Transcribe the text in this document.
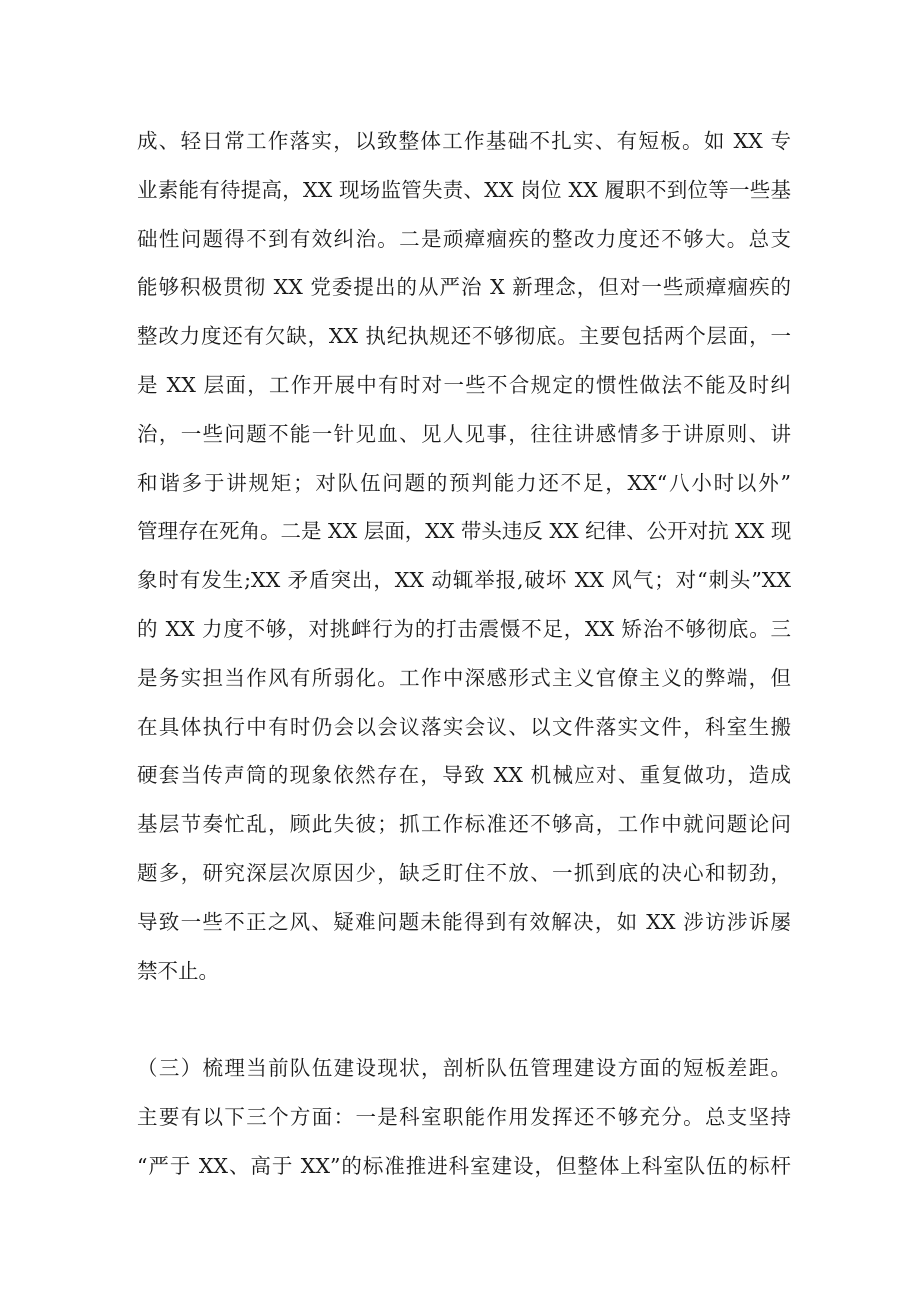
成、轻日常工作落实，以致整体工作基础不扎实、有短板。如 XX 专
业素能有待提高，XX 现场监管失责、XX 岗位 XX 履职不到位等一些基
础性问题得不到有效纠治。二是顽瘴痼疾的整改力度还不够大。总支
能够积极贯彻 XX 党委提出的从严治 X 新理念，但对一些顽瘴痼疾的
整改力度还有欠缺，XX 执纪执规还不够彻底。主要包括两个层面，一
是 XX 层面，工作开展中有时对一些不合规定的惯性做法不能及时纠
治，一些问题不能一针见血、见人见事，往往讲感情多于讲原则、讲
和谐多于讲规矩；对队伍问题的预判能力还不足，XX“八小时以外”
管理存在死角。二是 XX 层面，XX 带头违反 XX 纪律、公开对抗 XX 现
象时有发生;XX 矛盾突出，XX 动辄举报,破坏 XX 风气；对“刺头”XX
的 XX 力度不够，对挑衅行为的打击震慑不足，XX 矫治不够彻底。三
是务实担当作风有所弱化。工作中深感形式主义官僚主义的弊端，但
在具体执行中有时仍会以会议落实会议、以文件落实文件，科室生搬
硬套当传声筒的现象依然存在，导致 XX 机械应对、重复做功，造成
基层节奏忙乱，顾此失彼；抓工作标准还不够高，工作中就问题论问
题多，研究深层次原因少，缺乏盯住不放、一抓到底的决心和韧劲，
导致一些不正之风、疑难问题未能得到有效解决，如 XX 涉访涉诉屡
禁不止。
（三）梳理当前队伍建设现状，剖析队伍管理建设方面的短板差距。
主要有以下三个方面：一是科室职能作用发挥还不够充分。总支坚持
“严于 XX、高于 XX”的标准推进科室建设，但整体上科室队伍的标杆
